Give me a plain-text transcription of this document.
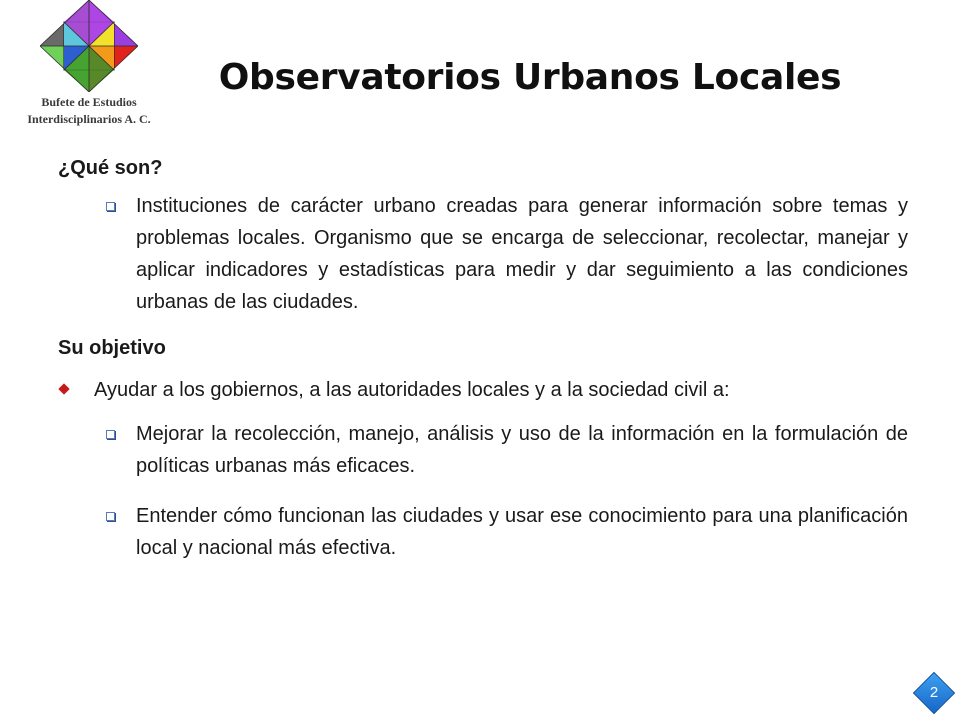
Bufete de Estudios
Interdisciplinarios A. C.
Observatorios Urbanos Locales

¿Qué son?

Instituciones de carácter urbano creadas para generar información sobre temas y problemas locales. Organismo que se encarga de seleccionar, recolectar, manejar y aplicar indicadores y estadísticas para medir y dar seguimiento a las condiciones urbanas de las ciudades.

Su objetivo

Ayudar a los gobiernos, a las autoridades locales y a la sociedad civil a:

Mejorar la recolección, manejo, análisis y uso de la información en la formulación de políticas urbanas más eficaces.

Entender cómo funcionan las ciudades y usar ese conocimiento para una planificación local y nacional más efectiva.

2
